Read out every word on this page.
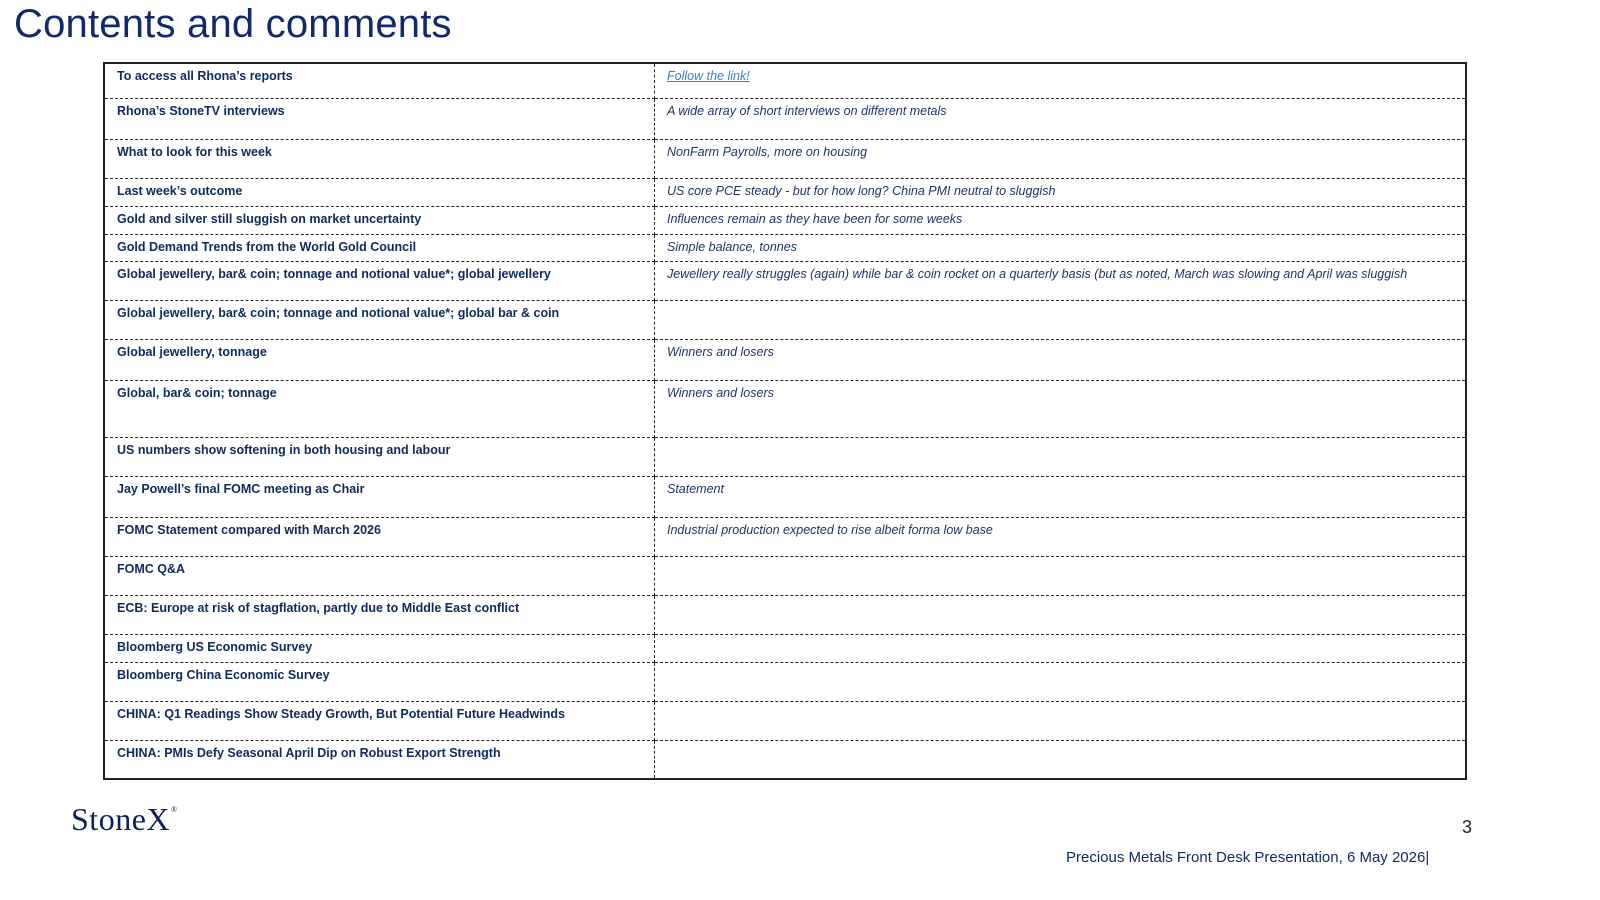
Contents and comments
To access all Rhona’s reports	Follow the link!
Rhona’s StoneTV interviews	A wide array of short interviews on different metals
What to look for this week	NonFarm Payrolls, more on housing
Last week’s outcome	US core PCE steady - but for how long? China PMI neutral to sluggish
Gold and silver still sluggish on market uncertainty	Influences remain as they have been for some weeks
Gold Demand Trends from the World Gold Council	Simple balance, tonnes
Global jewellery, bar& coin; tonnage and notional value*; global jewellery	Jewellery really struggles (again) while bar & coin rocket on a quarterly basis (but as noted, March was slowing and April was sluggish
Global jewellery, bar& coin; tonnage and notional value*; global bar & coin	
Global jewellery, tonnage	Winners and losers
Global, bar& coin; tonnage	Winners and losers
US numbers show softening in both housing and labour	
Jay Powell’s final FOMC meeting as Chair	Statement
FOMC Statement compared with March 2026	Industrial production expected to rise albeit forma low base
FOMC Q&A	
ECB: Europe at risk of stagflation, partly due to Middle East conflict	
Bloomberg US Economic Survey	
Bloomberg China Economic Survey	
CHINA: Q1 Readings Show Steady Growth, But Potential Future Headwinds	
CHINA: PMIs Defy Seasonal April Dip on Robust Export Strength	
StoneX®
3
Precious Metals Front Desk Presentation, 6 May 2026|
